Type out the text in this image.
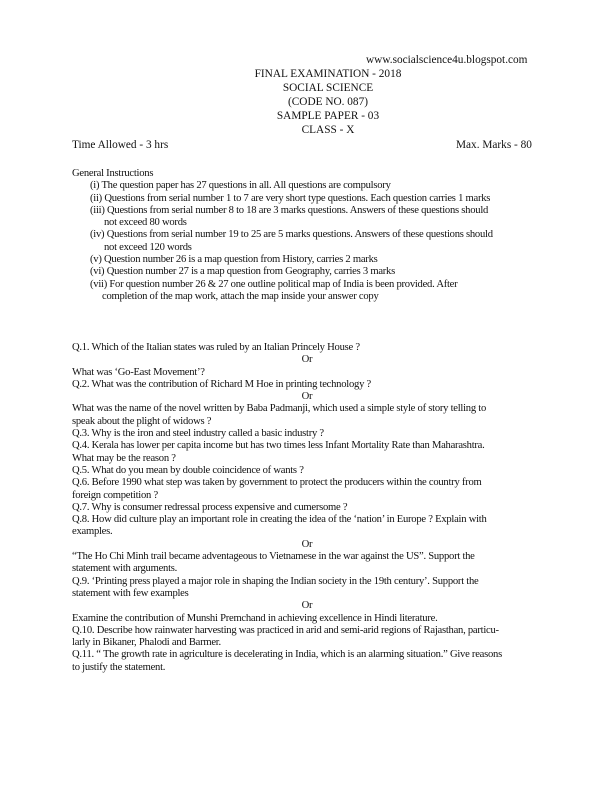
www.socialscience4u.blogspot.com
FINAL EXAMINATION - 2018
SOCIAL SCIENCE
(CODE NO. 087)
SAMPLE PAPER - 03
CLASS - X
Time Allowed - 3 hrs	Max. Marks - 80
General Instructions
(i) The question paper has 27 questions in all. All questions are compulsory
(ii) Questions from serial number 1 to 7 are very short type questions. Each question carries 1 marks
(iii) Questions from serial number 8 to 18 are 3 marks questions. Answers of these questions should
not exceed 80 words
(iv) Questions from serial number 19 to 25 are 5 marks questions. Answers of these questions should
not exceed 120 words
(v) Question number 26 is a map question from History, carries 2 marks
(vi) Question number 27 is a map question from Geography, carries 3 marks
(vii) For question number 26 & 27 one outline political map of India is been provided. After
completion of the map work, attach the map inside your answer copy
Q.1. Which of the Italian states was ruled by an Italian Princely House ?
Or
What was ‘Go-East Movement’?
Q.2. What was the contribution of Richard M Hoe in printing technology ?
Or
What was the name of the novel written by Baba Padmanji, which used a simple style of story telling to
speak about the plight of widows ?
Q.3. Why is the iron and steel industry called a basic industry ?
Q.4. Kerala has lower per capita income but has two times less Infant Mortality Rate than Maharashtra.
What may be the reason ?
Q.5. What do you mean by double coincidence of wants ?
Q.6. Before 1990 what step was taken by government to protect the producers within the country from
foreign competition ?
Q.7. Why is consumer redressal process expensive and cumersome ?
Q.8. How did culture play an important role in creating the idea of the ‘nation’ in Europe ? Explain with
examples.
Or
“The Ho Chi Minh trail became adventageous to Vietnamese in the war against the US”. Support the
statement with arguments.
Q.9. ‘Printing press played a major role in shaping the Indian society in the 19th century’. Support the
statement with few examples
Or
Examine the contribution of Munshi Premchand in achieving excellence in Hindi literature.
Q.10. Describe how rainwater harvesting was practiced in arid and semi-arid regions of Rajasthan, particu-
larly in Bikaner, Phalodi and Barmer.
Q.11. “ The growth rate in agriculture is decelerating in India, which is an alarming situation.” Give reasons
to justify the statement.
